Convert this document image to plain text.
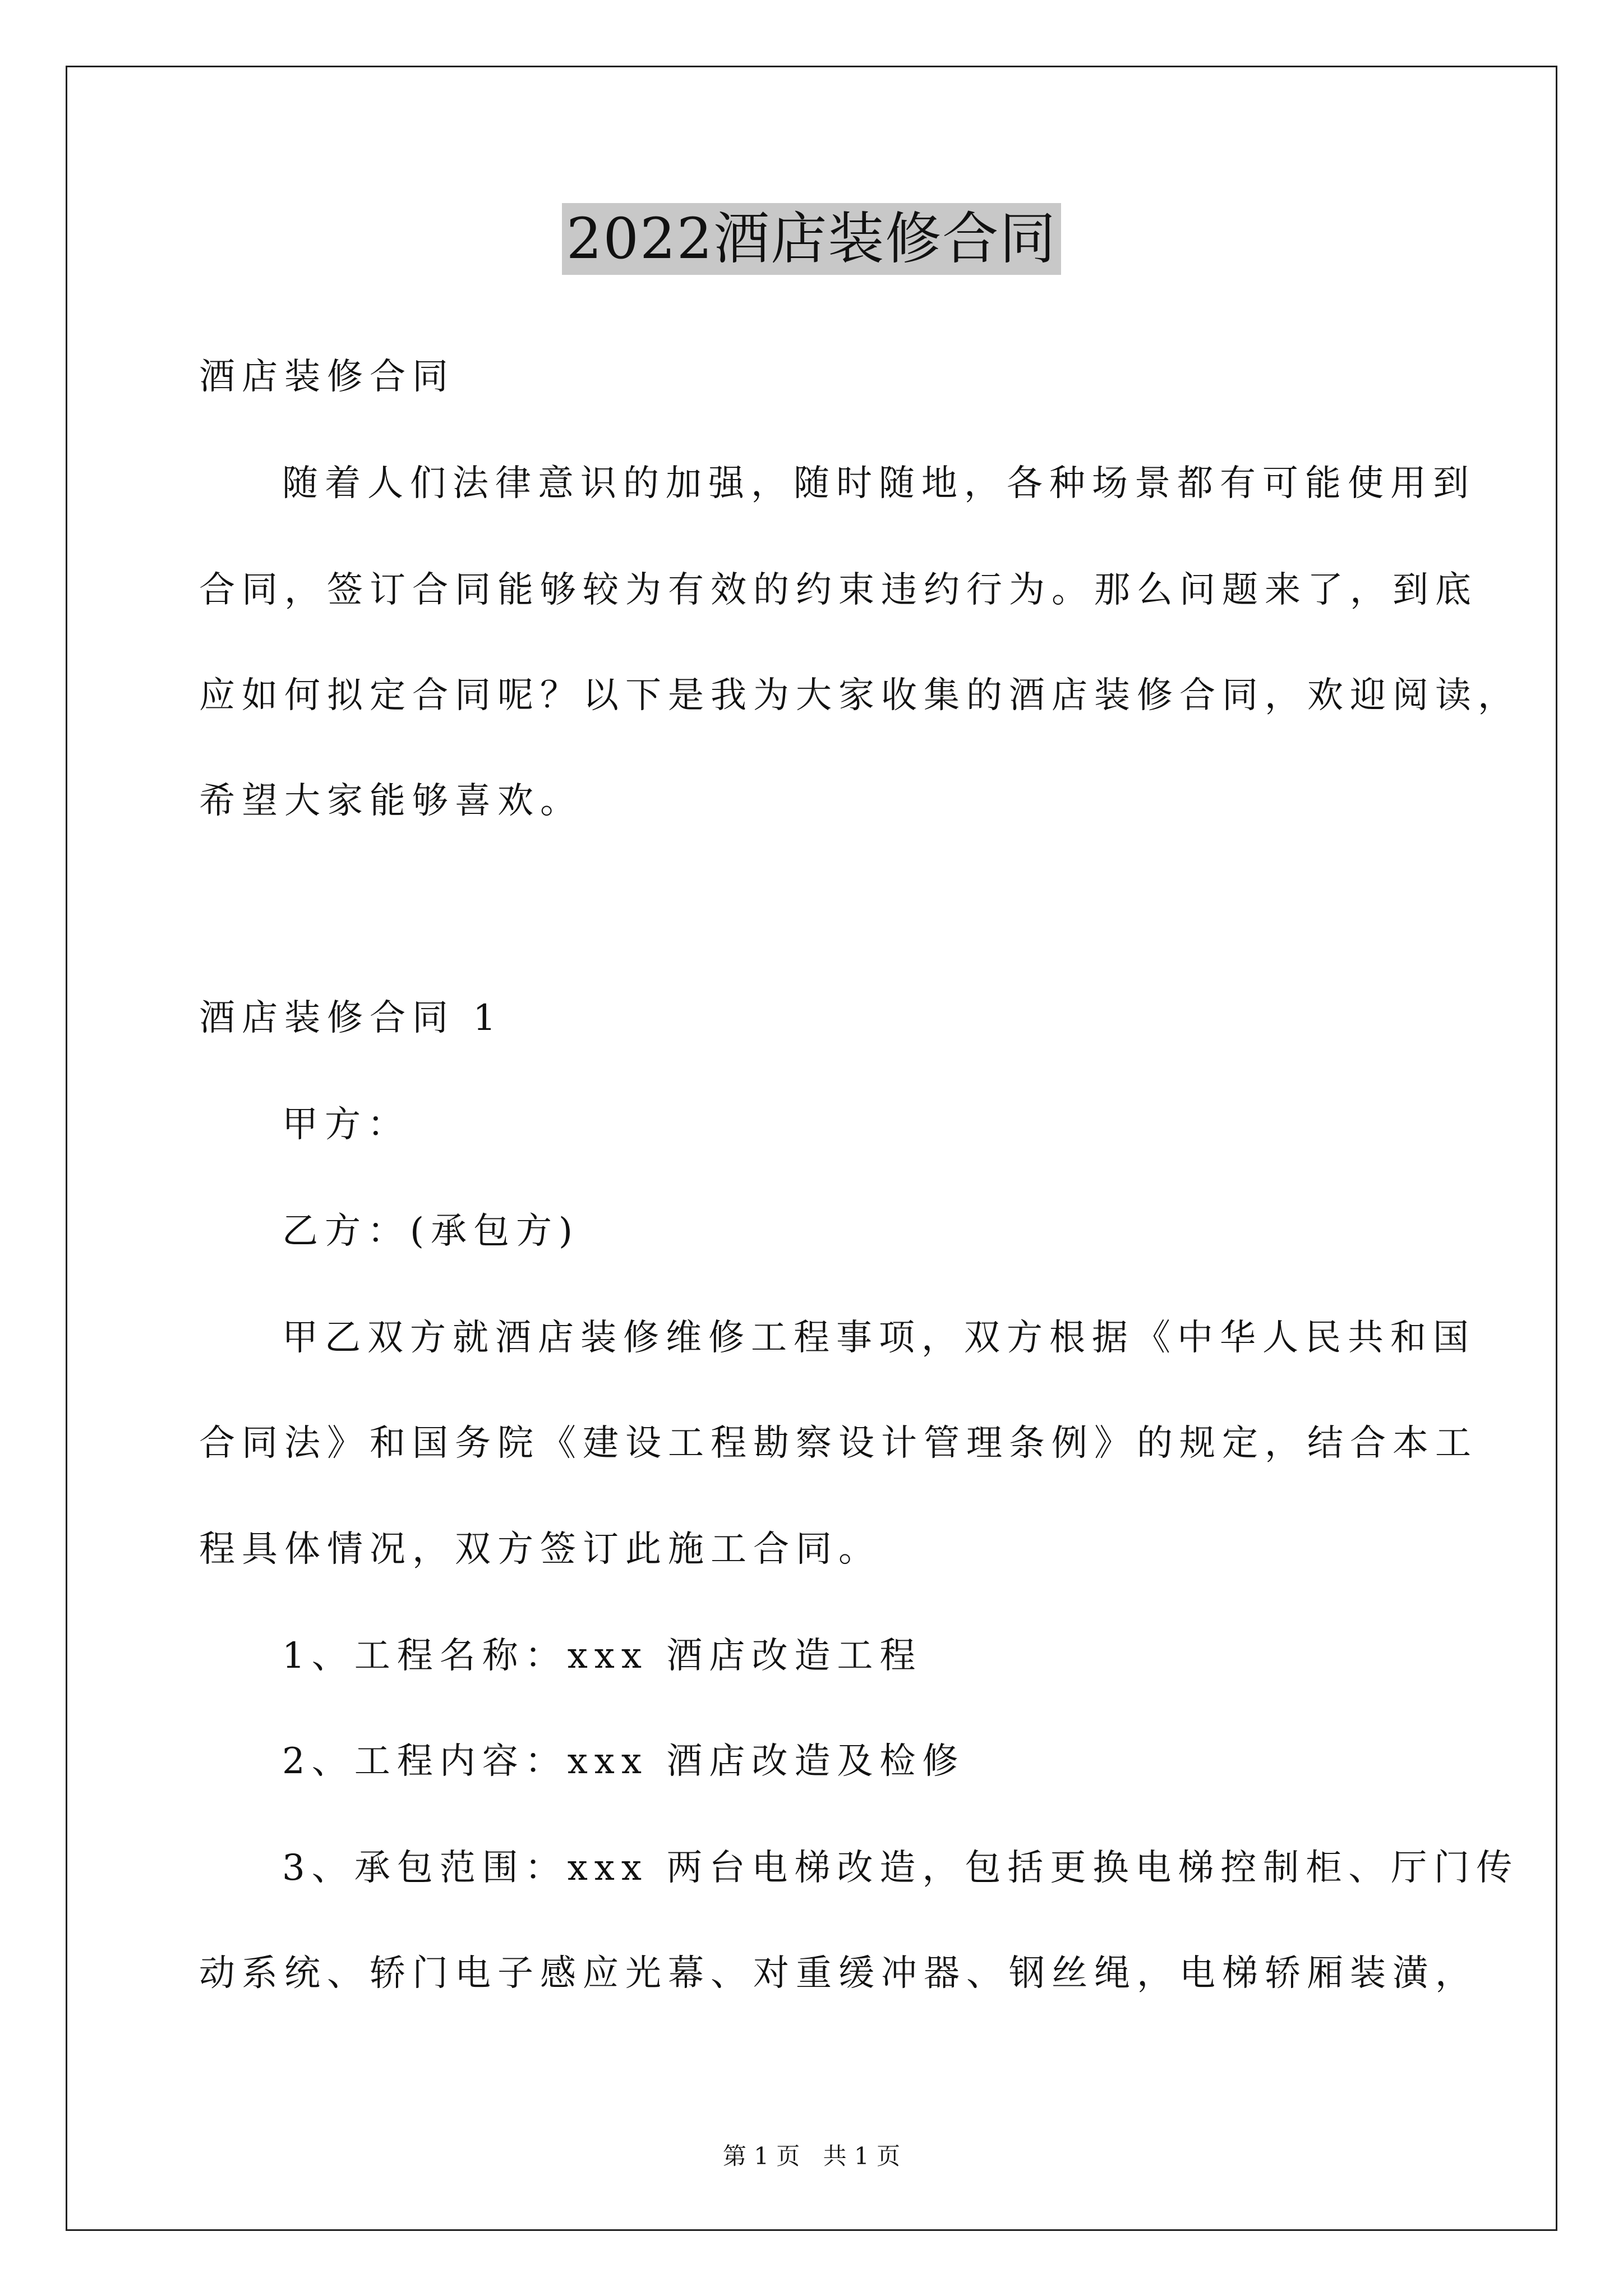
2022酒店装修合同
酒店装修合同
随着人们法律意识的加强，随时随地，各种场景都有可能使用到
合同，签订合同能够较为有效的约束违约行为。那么问题来了，到底
应如何拟定合同呢？以下是我为大家收集的酒店装修合同，欢迎阅读，
希望大家能够喜欢。
酒店装修合同 1
甲方：
乙方：(承包方)
甲乙双方就酒店装修维修工程事项，双方根据《中华人民共和国
合同法》和国务院《建设工程勘察设计管理条例》的规定，结合本工
程具体情况，双方签订此施工合同。
1、工程名称：xxx 酒店改造工程
2、工程内容：xxx 酒店改造及检修
3、承包范围：xxx 两台电梯改造，包括更换电梯控制柜、厅门传
动系统、轿门电子感应光幕、对重缓冲器、钢丝绳，电梯轿厢装潢，
第 1 页 共 1 页
